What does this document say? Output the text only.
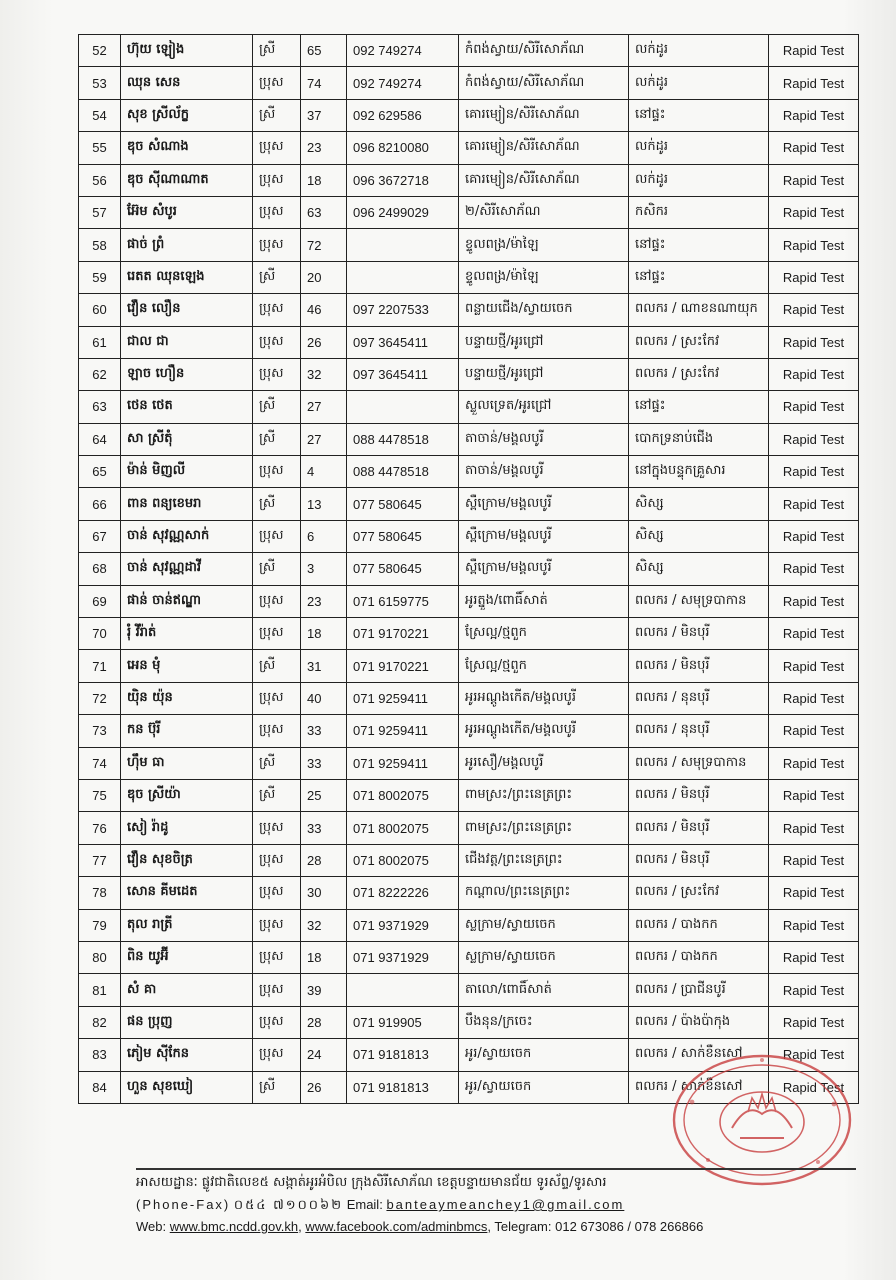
52	ហ៊ុយ ឡៀង	ស្រី	65	092 749274	កំពង់ស្វាយ/សិរីសោភ័ណ	លក់ដូរ	Rapid Test
53	ឈុន សេន	ប្រុស	74	092 749274	កំពង់ស្វាយ/សិរីសោភ័ណ	លក់ដូរ	Rapid Test
54	សុខ ស្រីល័ក្ខ	ស្រី	37	092 629586	គោរម្យៀន/សិរីសោភ័ណ	នៅផ្ទះ	Rapid Test
55	ឌុច សំណាង	ប្រុស	23	096 8210080	គោរម្យៀន/សិរីសោភ័ណ	លក់ដូរ	Rapid Test
56	ឌុច ស៊ីណាណាត	ប្រុស	18	096 3672718	គោរម្យៀន/សិរីសោភ័ណ	លក់ដូរ	Rapid Test
57	អ៊ែម សំបូរ	ប្រុស	63	096 2499029	២/សិរីសោភ័ណ	កសិករ	Rapid Test
58	ផាច់ ព្រំ	ប្រុស	72		ខ្ទូលពង្រ/ម៉ាឡៃ	នៅផ្ទះ	Rapid Test
59	រេតត ឈុនឡេង	ស្រី	20		ខ្ទូលពង្រ/ម៉ាឡៃ	នៅផ្ទះ	Rapid Test
60	វឿន លឿន	ប្រុស	46	097 2207533	ពន្លាយជើង/ស្វាយចេក	ពលករ / ណាខនណាយុក	Rapid Test
61	ជាល ជា	ប្រុស	26	097 3645411	បន្ទាយថ្មី/អូរជ្រៅ	ពលករ / ស្រះកែវ	Rapid Test
62	ឡាច ហឿន	ប្រុស	32	097 3645411	បន្ទាយថ្មី/អូរជ្រៅ	ពលករ / ស្រះកែវ	Rapid Test
63	ថេន ថេត	ស្រី	27		ស្លួលទ្រេត/អូរជ្រៅ	នៅផ្ទះ	Rapid Test
64	សា ស្រីតុំ	ស្រី	27	088 4478518	តាចាន់/មង្គលបូរី	បោកទ្រនាប់ជើង	Rapid Test
65	ម៉ាន់ មិញលី	ប្រុស	4	088 4478518	តាចាន់/មង្គលបូរី	នៅក្នុងបន្ទុកគ្រួសារ	Rapid Test
66	ពាន ពន្យខេមរា	ស្រី	13	077 580645	ស្ពឺក្រោម/មង្គលបូរី	សិស្ស	Rapid Test
67	ចាន់ សុវណ្ណសាក់	ប្រុស	6	077 580645	ស្ពឺក្រោម/មង្គលបូរី	សិស្ស	Rapid Test
68	ចាន់ សុវណ្ណដាវី	ស្រី	3	077 580645	ស្ពឺក្រោម/មង្គលបូរី	សិស្ស	Rapid Test
69	ផាន់ ចាន់ឥណ្ឌា	ប្រុស	23	071 6159775	អូរត្នួង/ពោធិ៍សាត់	ពលករ / សមុទ្របាកាន	Rapid Test
70	រុំ វីរ៉ាត់	ប្រុស	18	071 9170221	ស្រែល្អ/ថ្មពួក	ពលករ / មិនបុរី	Rapid Test
71	អេន មុំ	ស្រី	31	071 9170221	ស្រែល្អ/ថ្មពួក	ពលករ / មិនបុរី	Rapid Test
72	យ៉ិន យ៉ុន	ប្រុស	40	071 9259411	អូរអណ្តូងកើត/មង្គលបូរី	ពលករ / នុនបុរី	Rapid Test
73	កន ប៊ុរី	ប្រុស	33	071 9259411	អូរអណ្តូងកើត/មង្គលបូរី	ពលករ / នុនបុរី	Rapid Test
74	ហ៊ឹម ធា	ស្រី	33	071 9259411	អូរសឿ/មង្គលបូរី	ពលករ / សមុទ្របាកាន	Rapid Test
75	ឌុច ស្រីយ៉ា	ស្រី	25	071 8002075	ពាមស្រះ/ព្រះនេត្រព្រះ	ពលករ / មិនបុរី	Rapid Test
76	សៀ រ៉ាដូ	ប្រុស	33	071 8002075	ពាមស្រះ/ព្រះនេត្រព្រះ	ពលករ / មិនបុរី	Rapid Test
77	វឿន សុខចិត្រ	ប្រុស	28	071 8002075	ជើងវត្ត/ព្រះនេត្រព្រះ	ពលករ / មិនបុរី	Rapid Test
78	សោន គីមដេត	ប្រុស	30	071 8222226	កណ្តាល/ព្រះនេត្រព្រះ	ពលករ / ស្រះកែវ	Rapid Test
79	តុល រាត្រី	ប្រុស	32	071 9371929	ស្លក្រាម/ស្វាយចេក	ពលករ / បាងកក	Rapid Test
80	ពិន យូអ៊ី	ប្រុស	18	071 9371929	ស្លក្រាម/ស្វាយចេក	ពលករ / បាងកក	Rapid Test
81	សំ គា	ប្រុស	39		តាលោ/ពោធិ៍សាត់	ពលករ / ប្រាជីនបូរី	Rapid Test
82	ផន ប្រុញ	ប្រុស	28	071 919905	បឹងនុន/ក្រចេះ	ពលករ / ប៉ាងប៉ាកុង	Rapid Test
83	ភៀម ស៊ីកែន	ប្រុស	24	071 9181813	អូរ/ស្វាយចេក	ពលករ / សាក់ខឺនសៅ	Rapid Test
84	ហួន សុខឃៀ	ស្រី	26	071 9181813	អូរ/ស្វាយចេក	ពលករ / សាក់ខឺនសៅ	Rapid Test
អាសយដ្ឋានៈ ផ្លូវជាតិលេខ៥ សង្កាត់អូរអំបិល ក្រុងសិរីសោភ័ណ ខេត្តបន្ទាយមានជ័យ ទូរស័ព្ទ/ទូរសារ
(Phone-Fax) ០៥៤ ៧១០០៦២ Email: banteaymeanchey1@gmail.com
Web: www.bmc.ncdd.gov.kh, www.facebook.com/adminbmcs, Telegram: 012 673086 / 078 266866
